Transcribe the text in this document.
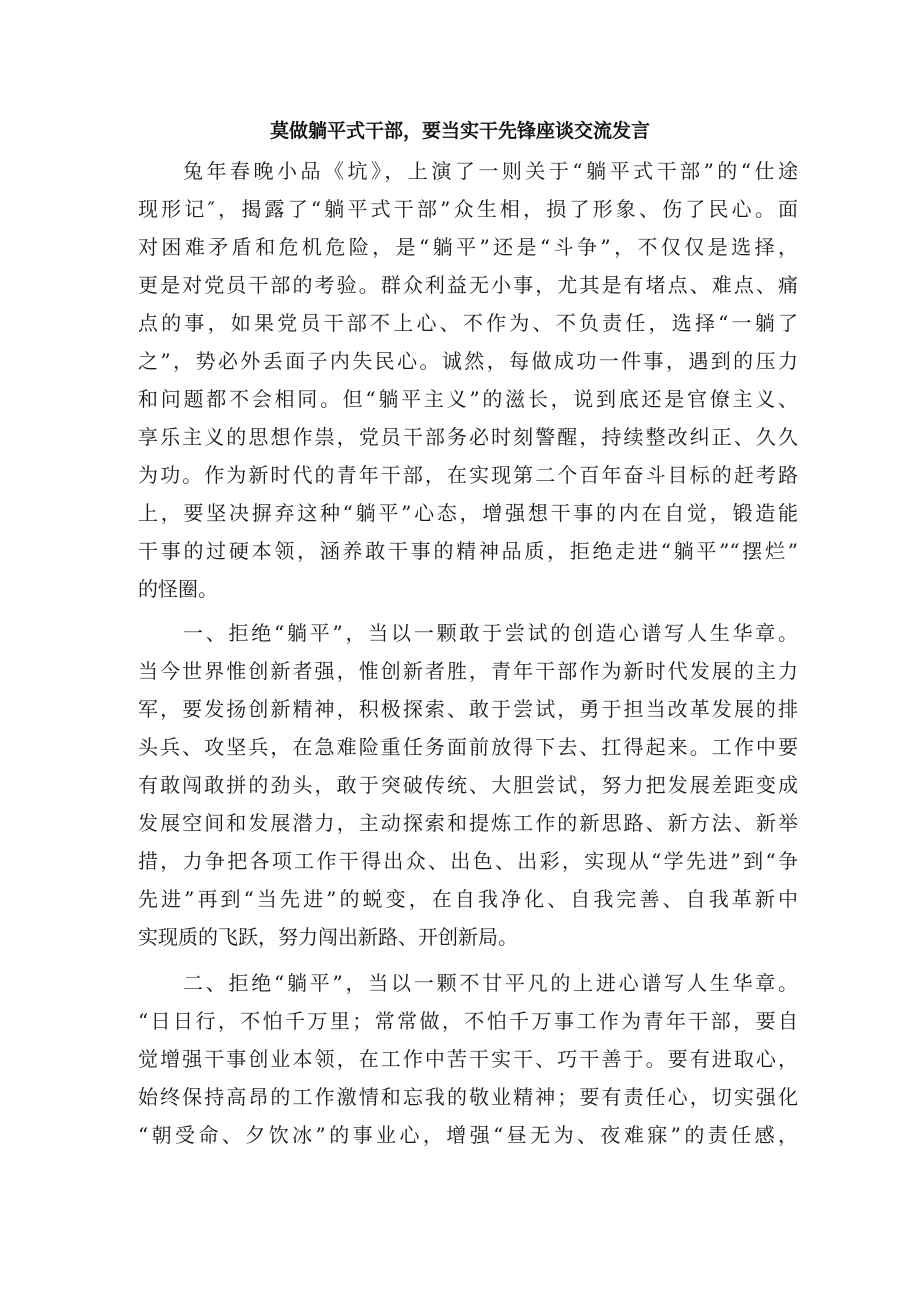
莫做躺平式干部，要当实干先锋座谈交流发言
兔年春晚小品《坑》，上演了一则关于“躺平式干部”的“仕途
现形记″，揭露了“躺平式干部”众生相，损了形象、伤了民心。面
对困难矛盾和危机危险，是“躺平”还是“斗争”，不仅仅是选择，
更是对党员干部的考验。群众利益无小事，尤其是有堵点、难点、痛
点的事，如果党员干部不上心、不作为、不负责任，选择“一躺了
之”，势必外丢面子内失民心。诚然，每做成功一件事，遇到的压力
和问题都不会相同。但“躺平主义”的滋长，说到底还是官僚主义、
享乐主义的思想作祟，党员干部务必时刻警醒，持续整改纠正、久久
为功。作为新时代的青年干部，在实现第二个百年奋斗目标的赶考路
上，要坚决摒弃这种“躺平”心态，增强想干事的内在自觉，锻造能
干事的过硬本领，涵养敢干事的精神品质，拒绝走进“躺平”“摆烂”
的怪圈。
一、拒绝“躺平”，当以一颗敢于尝试的创造心谱写人生华章。
当今世界惟创新者强，惟创新者胜，青年干部作为新时代发展的主力
军，要发扬创新精神，积极探索、敢于尝试，勇于担当改革发展的排
头兵、攻坚兵，在急难险重任务面前放得下去、扛得起来。工作中要
有敢闯敢拼的劲头，敢于突破传统、大胆尝试，努力把发展差距变成
发展空间和发展潜力，主动探索和提炼工作的新思路、新方法、新举
措，力争把各项工作干得出众、出色、出彩，实现从“学先进”到“争
先进”再到“当先进”的蜕变，在自我净化、自我完善、自我革新中
实现质的飞跃，努力闯出新路、开创新局。
二、拒绝“躺平”，当以一颗不甘平凡的上进心谱写人生华章。
“日日行，不怕千万里；常常做，不怕千万事工作为青年干部，要自
觉增强干事创业本领，在工作中苦干实干、巧干善于。要有进取心，
始终保持高昂的工作激情和忘我的敬业精神；要有责任心，切实强化
“朝受命、夕饮冰”的事业心，增强“昼无为、夜难寐”的责任感，
